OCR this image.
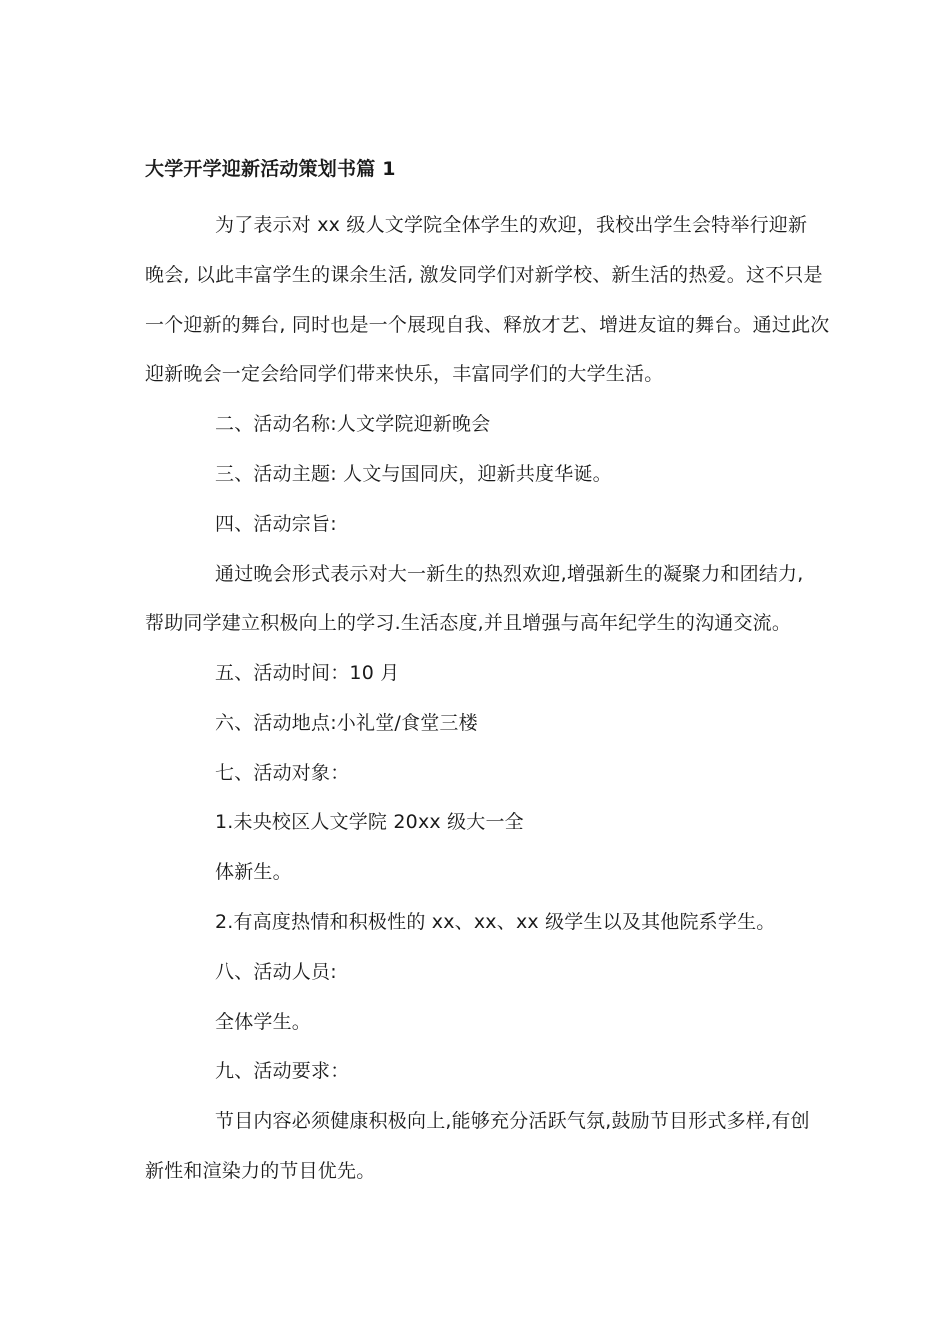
大学开学迎新活动策划书篇 1
为了表示对 xx 级人文学院全体学生的欢迎，我校出学生会特举行迎新
晚会, 以此丰富学生的课余生活, 激发同学们对新学校、新生活的热爱。这不只是
一个迎新的舞台, 同时也是一个展现自我、释放才艺、增进友谊的舞台。通过此次
迎新晚会一定会给同学们带来快乐，丰富同学们的大学生活。
二、活动名称:人文学院迎新晚会
三、活动主题: 人文与国同庆，迎新共度华诞。
四、活动宗旨:
通过晚会形式表示对大一新生的热烈欢迎,增强新生的凝聚力和团结力,
帮助同学建立积极向上的学习.生活态度,并且增强与高年纪学生的沟通交流。
五、活动时间：10 月
六、活动地点:小礼堂/食堂三楼
七、活动对象：
1.未央校区人文学院 20xx 级大一全
体新生。
2.有高度热情和积极性的 xx、xx、xx 级学生以及其他院系学生。
八、活动人员:
全体学生。
九、活动要求：
节目内容必须健康积极向上,能够充分活跃气氛,鼓励节目形式多样,有创
新性和渲染力的节目优先。
